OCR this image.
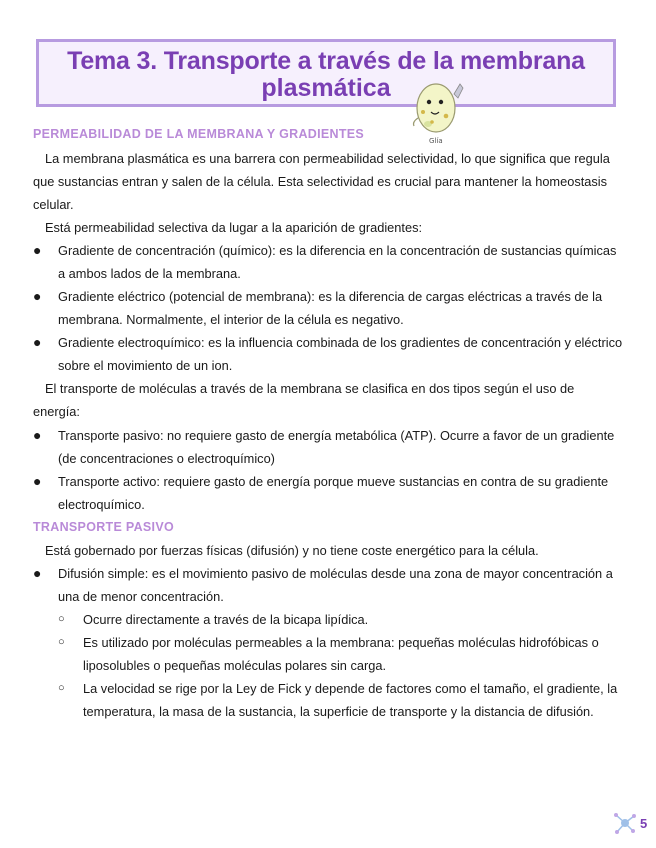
Tema 3. Transporte a través de la membrana
plasmática
Glía
PERMEABILIDAD DE LA MEMBRANA Y GRADIENTES

La membrana plasmática es una barrera con permeabilidad selectividad, lo que significa que regula que sustancias entran y salen de la célula. Esta selectividad es crucial para mantener la homeostasis celular.

Está permeabilidad selectiva da lugar a la aparición de gradientes:

●	Gradiente de concentración (químico): es la diferencia en la concentración de sustancias químicas a ambos lados de la membrana.
●	Gradiente eléctrico (potencial de membrana): es la diferencia de cargas eléctricas a través de la membrana. Normalmente, el interior de la célula es negativo.
●	Gradiente electroquímico: es la influencia combinada de los gradientes de concentración y eléctrico sobre el movimiento de un ion.

El transporte de moléculas a través de la membrana se clasifica en dos tipos según el uso de energía:

●	Transporte pasivo: no requiere gasto de energía metabólica (ATP). Ocurre a favor de un gradiente (de concentraciones o electroquímico)
●	Transporte activo: requiere gasto de energía porque mueve sustancias en contra de su gradiente electroquímico.
TRANSPORTE PASIVO

Está gobernado por fuerzas físicas (difusión) y no tiene coste energético para la célula.

●	Difusión simple: es el movimiento pasivo de moléculas desde una zona de mayor concentración a una de menor concentración.
○ Ocurre directamente a través de la bicapa lipídica.
○ Es utilizado por moléculas permeables a la membrana: pequeñas moléculas hidrofóbicas o liposolubles o pequeñas moléculas polares sin carga.
○ La velocidad se rige por la Ley de Fick y depende de factores como el tamaño, el gradiente, la temperatura, la masa de la sustancia, la superficie de transporte y la distancia de difusión.
5
